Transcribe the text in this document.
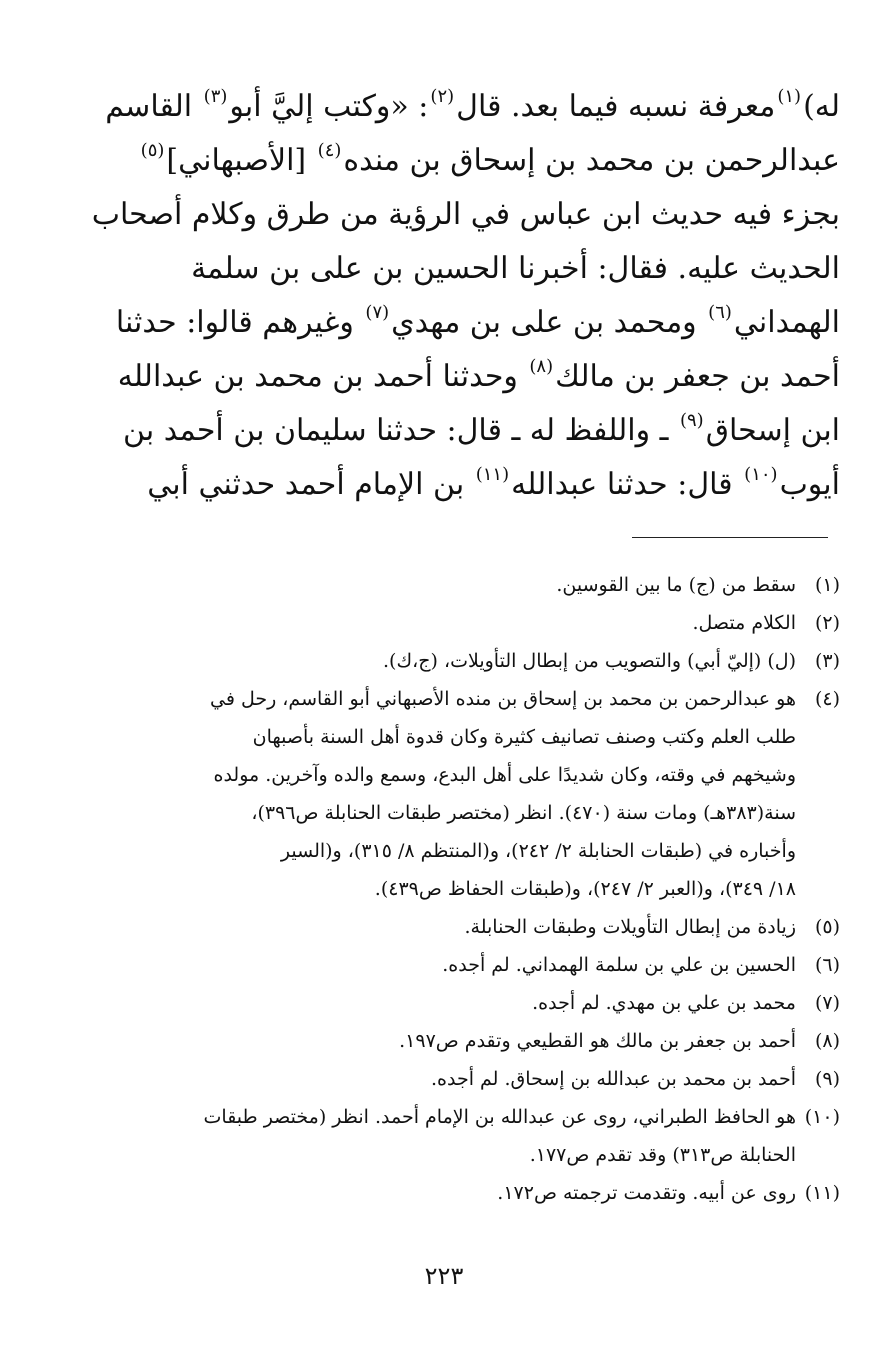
له)$^{(١)}$معرفة نسبه فيما بعد. قال$^{(٢)}$: «وكتب إليَّ أبو$^{(٣)}$ القاسم
عبدالرحمن بن محمد بن إسحاق بن منده$^{(٤)}$ [الأصبهاني]$^{(٥)}$
بجزء فيه حديث ابن عباس في الرؤية من طرق وكلام أصحاب
الحديث عليه. فقال: أخبرنا الحسين بن على بن سلمة
الهمداني$^{(٦)}$ ومحمد بن على بن مهدي$^{(٧)}$ وغيرهم قالوا: حدثنا
أحمد بن جعفر بن مالك$^{(٨)}$ وحدثنا أحمد بن محمد بن عبدالله
ابن إسحاق$^{(٩)}$ ـ واللفظ له ـ قال: حدثنا سليمان بن أحمد بن
أيوب$^{(١٠)}$ قال: حدثنا عبدالله$^{(١١)}$ بن الإمام أحمد حدثني أبي
(١)
سقط من (ج) ما بين القوسين.
(٢)
الكلام متصل.
(٣)
(ل) (إليّ أبي) والتصويب من إبطال التأويلات، (ج،ك).
(٤)
هو عبدالرحمن بن محمد بن إسحاق بن منده الأصبهاني أبو القاسم، رحل في
طلب العلم وكتب وصنف تصانيف كثيرة وكان قدوة أهل السنة بأصبهان
وشيخهم في وقته، وكان شديدًا على أهل البدع، وسمع والده وآخرين. مولده
سنة(٣٨٣هـ) ومات سنة (٤٧٠). انظر (مختصر طبقات الحنابلة ص٣٩٦)،
وأخباره في (طبقات الحنابلة ٢/ ٢٤٢)، و(المنتظم ٨/ ٣١٥)، و(السير
١٨/ ٣٤٩)، و(العبر ٢/ ٢٤٧)، و(طبقات الحفاظ ص٤٣٩).
(٥)
زيادة من إبطال التأويلات وطبقات الحنابلة.
(٦)
الحسين بن علي بن سلمة الهمداني. لم أجده.
(٧)
محمد بن علي بن مهدي. لم أجده.
(٨)
أحمد بن جعفر بن مالك هو القطيعي وتقدم ص١٩٧.
(٩)
أحمد بن محمد بن عبدالله بن إسحاق. لم أجده.
(١٠)
هو الحافظ الطبراني، روى عن عبدالله بن الإمام أحمد. انظر (مختصر طبقات
الحنابلة ص٣١٣) وقد تقدم ص١٧٧.
(١١)
روى عن أبيه. وتقدمت ترجمته ص١٧٢.
٢٢٣
